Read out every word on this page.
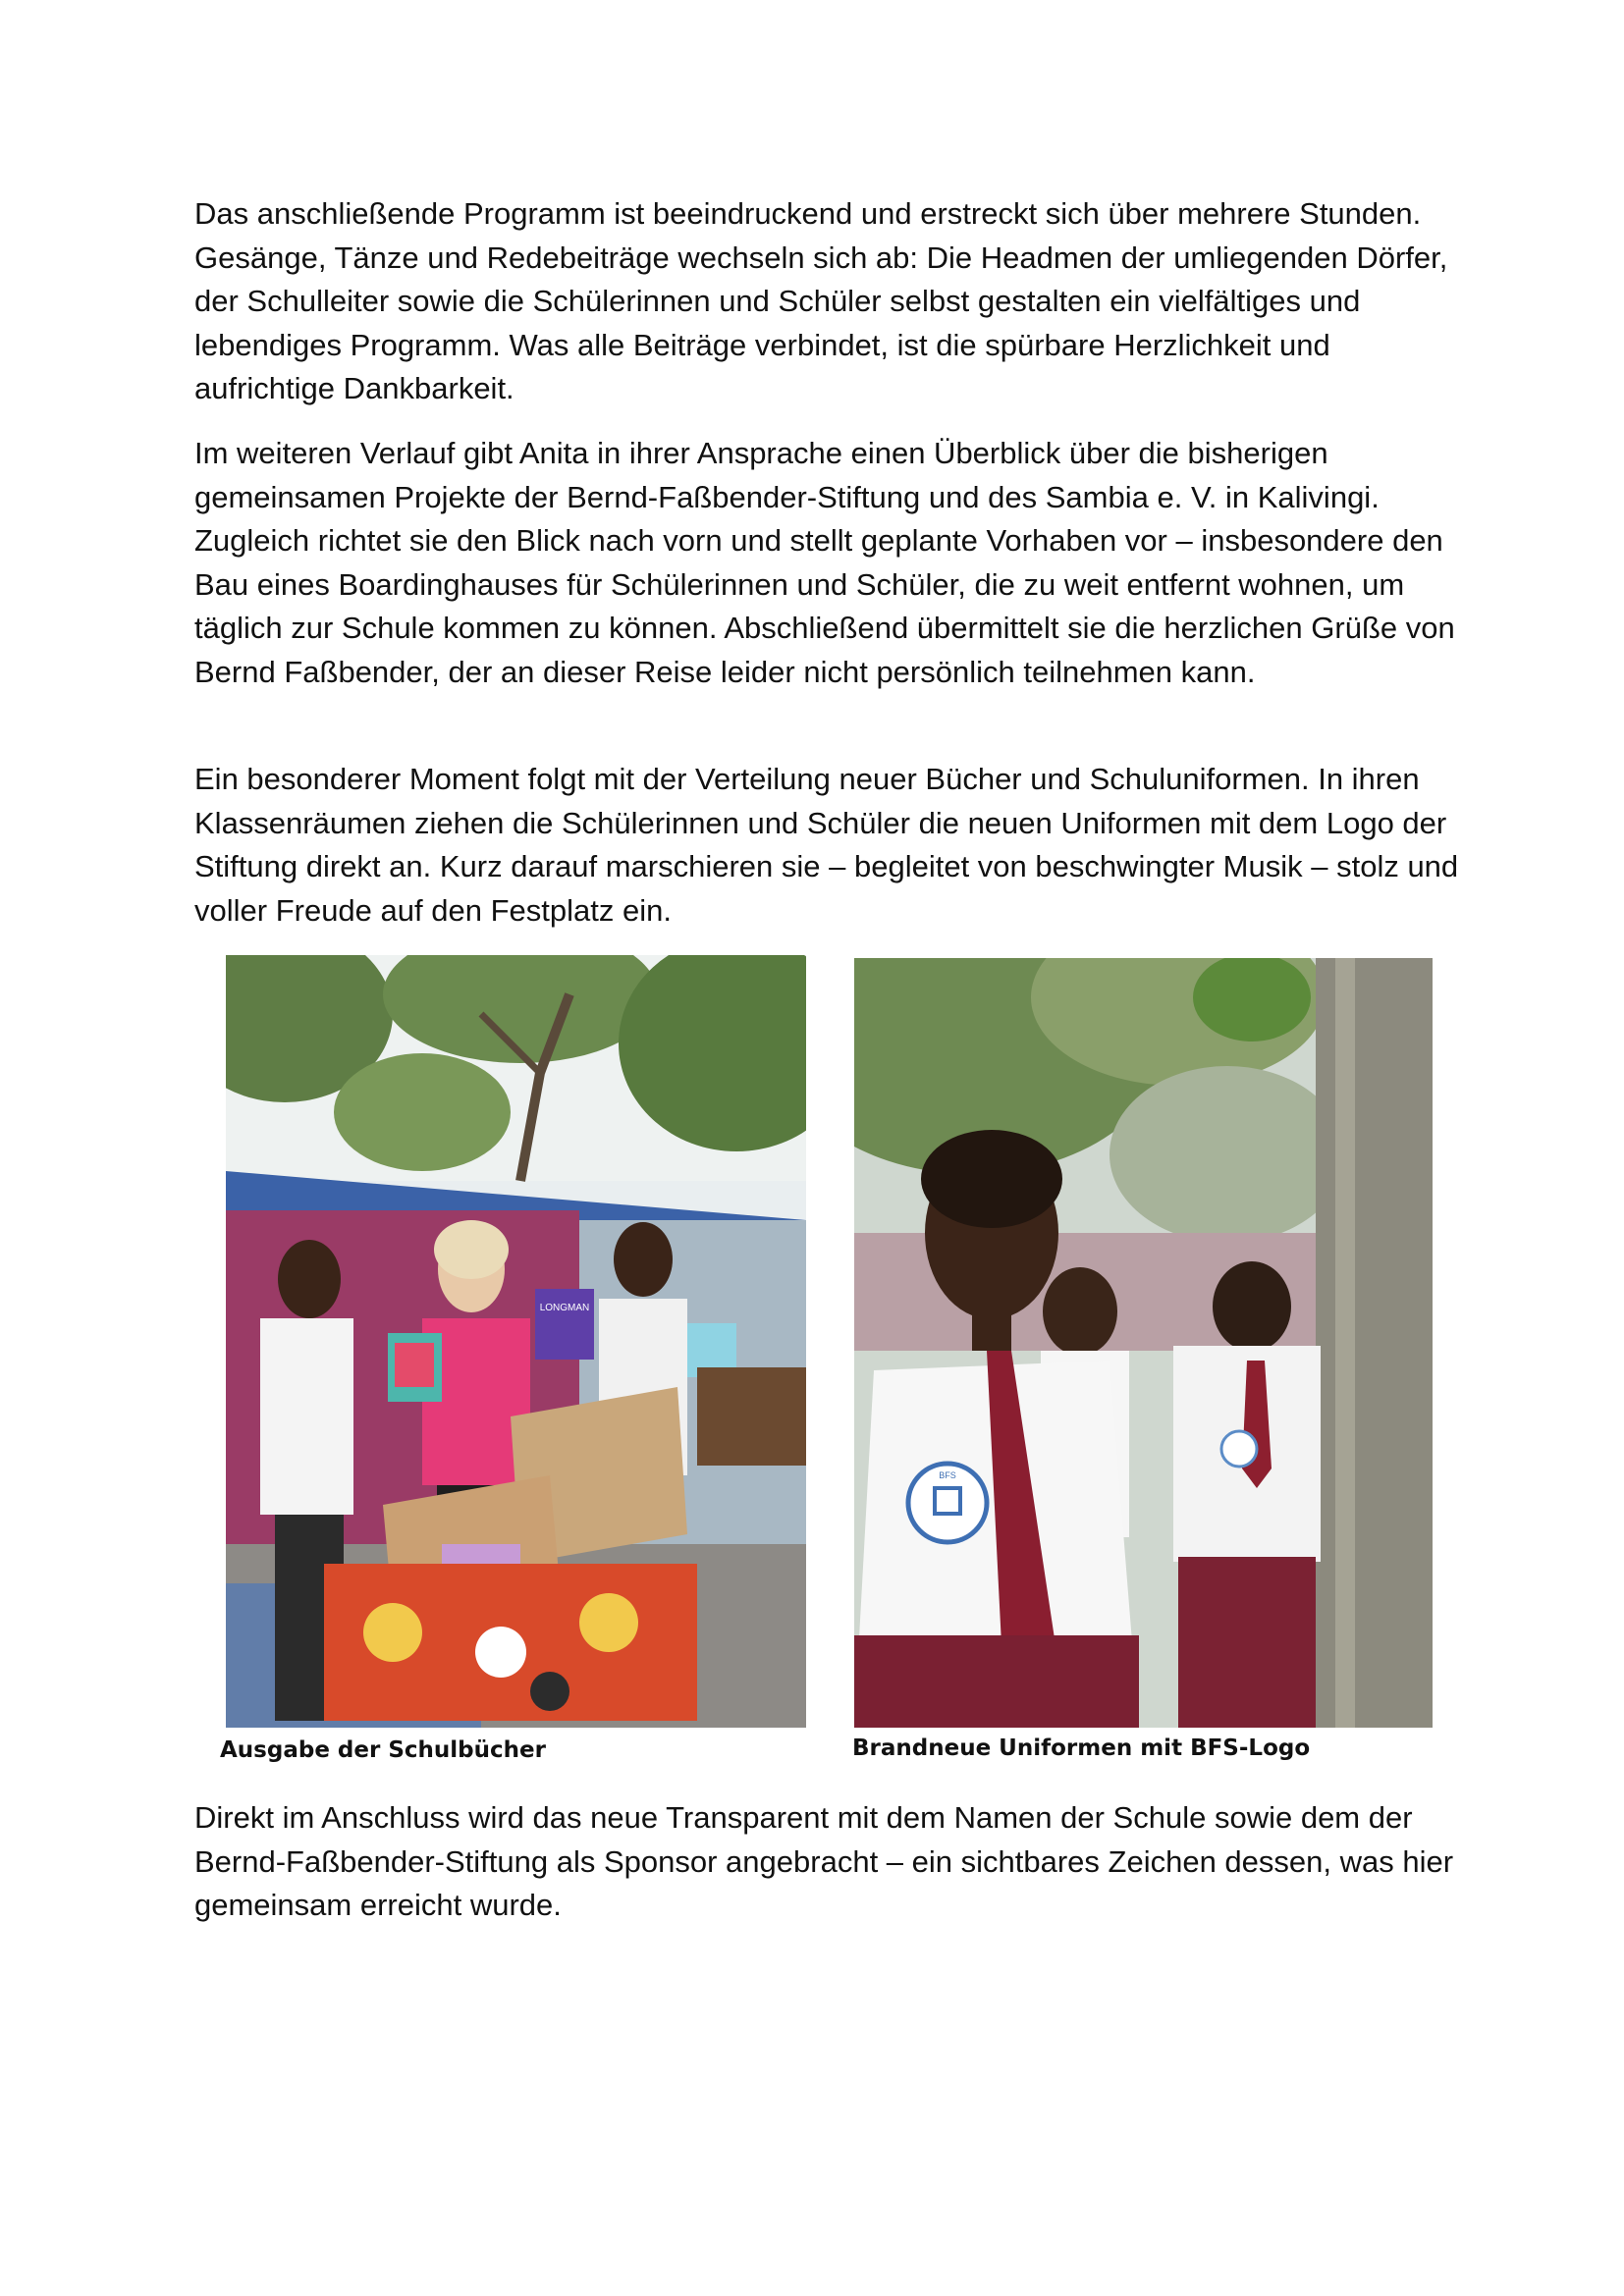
Das anschließende Programm ist beeindruckend und erstreckt sich über mehrere Stunden. Gesänge, Tänze und Redebeiträge wechseln sich ab: Die Headmen der umliegenden Dörfer, der Schulleiter sowie die Schülerinnen und Schüler selbst gestalten ein vielfältiges und lebendiges Programm. Was alle Beiträge verbindet, ist die spürbare Herzlichkeit und aufrichtige Dankbarkeit.

Im weiteren Verlauf gibt Anita in ihrer Ansprache einen Überblick über die bisherigen gemeinsamen Projekte der Bernd-Faßbender-Stiftung und des Sambia e. V. in Kalivingi. Zugleich richtet sie den Blick nach vorn und stellt geplante Vorhaben vor – insbesondere den Bau eines Boardinghauses für Schülerinnen und Schüler, die zu weit entfernt wohnen, um täglich zur Schule kommen zu können. Abschließend übermittelt sie die herzlichen Grüße von Bernd Faßbender, der an dieser Reise leider nicht persönlich teilnehmen kann.

Ein besonderer Moment folgt mit der Verteilung neuer Bücher und Schuluniformen. In ihren Klassenräumen ziehen die Schülerinnen und Schüler die neuen Uniformen mit dem Logo der Stiftung direkt an. Kurz darauf marschieren sie – begleitet von beschwingter Musik – stolz und voller Freude auf den Festplatz ein.

LONGMAN
BFS
Ausgabe der Schulbücher	Brandneue Uniformen mit BFS-Logo

Direkt im Anschluss wird das neue Transparent mit dem Namen der Schule sowie dem der Bernd-Faßbender-Stiftung als Sponsor angebracht – ein sichtbares Zeichen dessen, was hier gemeinsam erreicht wurde.
